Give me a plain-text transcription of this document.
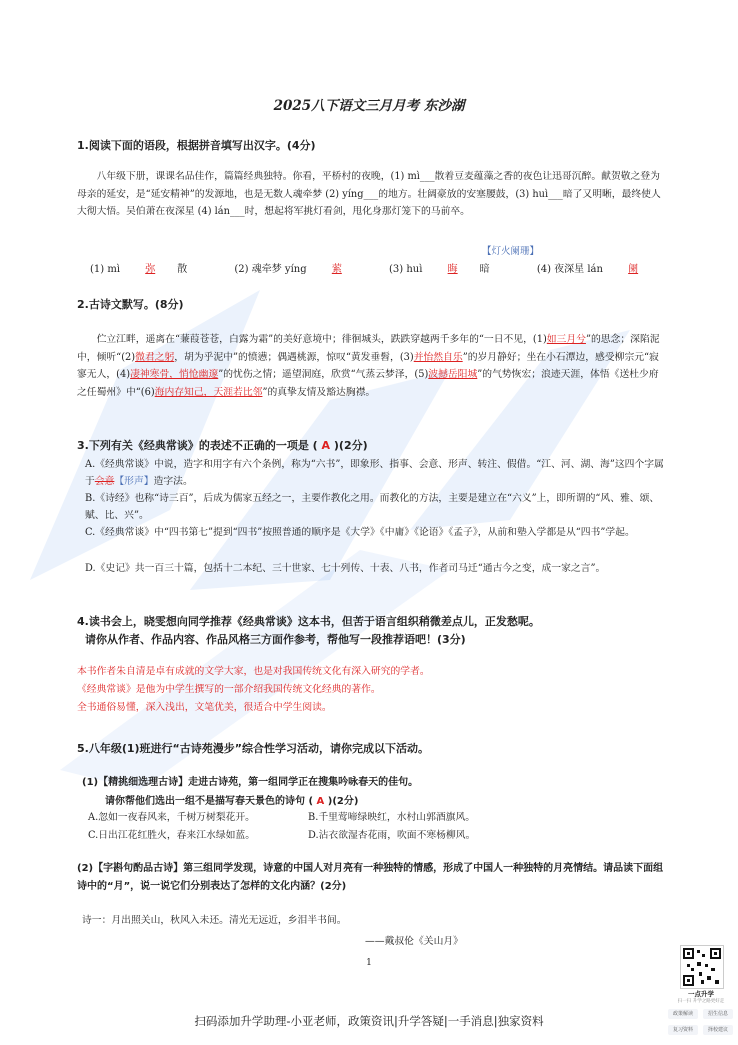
2025八下语文三月月考 东沙湖
1.阅读下面的语段，根据拼音填写出汉字。(4分)
八年级下册，课课名品佳作，篇篇经典独特。你看，平桥村的夜晚，(1) mì___散着豆麦蕴藻之香的夜色让迅哥沉醉。献贺敬之登为母亲的延安，是“延安精神”的发源地，也是无数人魂牵梦 (2) yíng___的地方。壮阔豪放的安塞腰鼓，(3) huì___暗了又明晰，最终使人大彻大悟。吴伯萧在夜深星 (4) lán___时，想起将军挑灯看剑，甩化身那灯笼下的马前卒。
【灯火阑珊】
(1) mì	弥 散	(2) 魂牵梦 yíng	萦	(3) huì	晦 暗	(4) 夜深星 lán	阑
2.古诗文默写。(8分)
伫立江畔，遥离在“蒹葭苍苍，白露为霜”的美好意境中；徘徊城头，跌跌穿越两千多年的“一日不见，(1)如三月兮”的思念；深陷泥中，倾听“(2)微君之躬，胡为乎泥中”的愤懑；偶遇桃源，惊叹“黄发垂髫，(3)并怡然自乐”的岁月静好；坐在小石潭边，感受柳宗元“寂寥无人，(4)凄神寒骨，悄怆幽邃”的忧伤之情；遥望洞庭，欣赏“气蒸云梦泽，(5)波撼岳阳城”的气势恢宏；浪迹天涯，体悟《送杜少府之任蜀州》中“(6)海内存知己，天涯若比邻”的真挚友情及豁达胸襟。
3.下列有关《经典常谈》的表述不正确的一项是 ( A )(2分)
A.《经典常谈》中说，造字和用字有六个条例，称为“六书”，即象形、指事、会意、形声、转注、假借。“江、河、湖、海”这四个字属于会意【形声】造字法。
B.《诗经》也称“诗三百”，后成为儒家五经之一，主要作教化之用。而教化的方法，主要是建立在“六义”上，即所谓的“风、雅、颂、赋、比、兴”。
C.《经典常谈》中“四书第七”提到“四书”按照普通的顺序是《大学》《中庸》《论语》《孟子》，从前和塾入学都是从“四书”学起。
D.《史记》共一百三十篇，包括十二本纪、三十世家、七十列传、十表、八书，作者司马迁“通古今之变，成一家之言”。
4.读书会上，晓雯想向同学推荐《经典常谈》这本书，但苦于语言组织稍微差点儿，正发愁呢。
请你从作者、作品内容、作品风格三方面作参考，帮他写一段推荐语吧！(3分)
本书作者朱自清是卓有成就的文学大家，也是对我国传统文化有深入研究的学者。
《经典常谈》是他为中学生撰写的一部介绍我国传统文化经典的著作。
全书通俗易懂，深入浅出，文笔优美，很适合中学生阅读。
5.八年级(1)班进行“古诗苑漫步”综合性学习活动，请你完成以下活动。
(1)【精挑细选理古诗】走进古诗苑，第一组同学正在搜集吟咏春天的佳句。
请你帮他们选出一组不是描写春天景色的诗句 ( A )(2分)
A.忽如一夜春风来，千树万树梨花开。	B.千里莺啼绿映红，水村山郭酒旗风。
C.日出江花红胜火，春来江水绿如蓝。	D.沾衣欲湿杏花雨，吹面不寒杨柳风。
(2)【字斟句酌品古诗】第三组同学发现，诗意的中国人对月亮有一种独特的情感，形成了中国人一种独特的月亮情结。请品读下面组诗中的“月”，说一说它们分别表达了怎样的文化内涵？(2分)
诗一：月出照关山，秋风入未还。清光无远近，乡泪半书间。
——戴叔伦《关山月》
1
一点升学
扫一扫 升学之路更好走
政策解读	招生信息
复习资料	择校建议
扫码添加升学助理-小亚老师，政策资讯|升学答疑|一手消息|独家资料
